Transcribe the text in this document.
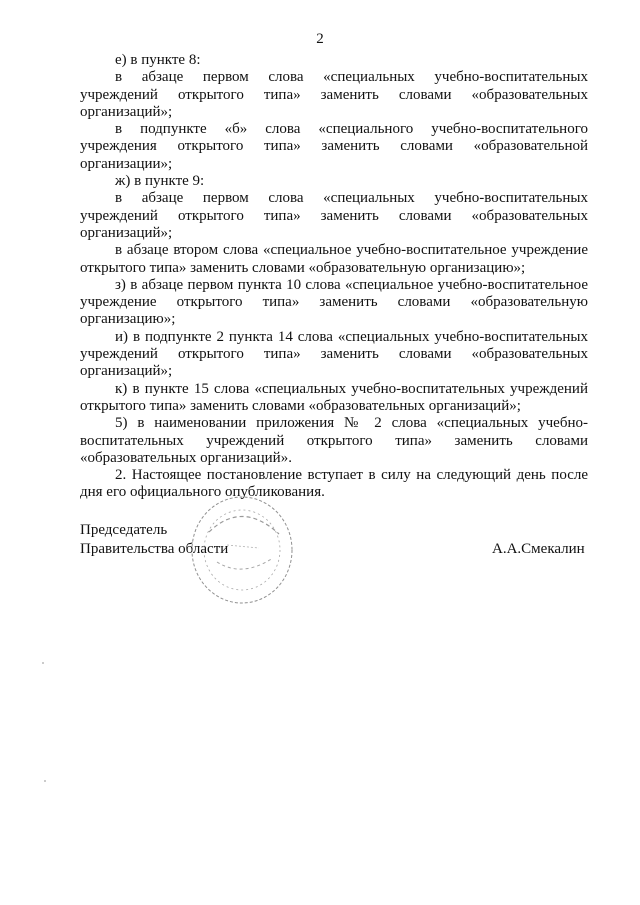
2

е) в пункте 8:

в абзаце первом слова «специальных учебно-воспитательных учреждений открытого типа» заменить словами «образовательных организаций»;

в подпункте «б» слова «специального учебно-воспитательного учреждения открытого типа» заменить словами «образовательной организации»;

ж) в пункте 9:

в абзаце первом слова «специальных учебно-воспитательных учреждений открытого типа» заменить словами «образовательных организаций»;

в абзаце втором слова «специальное учебно-воспитательное учреждение открытого типа» заменить словами «образовательную организацию»;

з) в абзаце первом пункта 10 слова «специальное учебно-воспитательное учреждение открытого типа» заменить словами «образовательную организацию»;

и) в подпункте 2 пункта 14 слова «специальных учебно-воспитательных учреждений открытого типа» заменить словами «образовательных организаций»;

к) в пункте 15 слова «специальных учебно-воспитательных учреждений открытого типа» заменить словами «образовательных организаций»;

5) в наименовании приложения № 2 слова «специальных учебно-воспитательных учреждений открытого типа» заменить словами «образовательных организаций».

2. Настоящее постановление вступает в силу на следующий день после дня его официального опубликования.

Председатель
Правительства области	А.А.Смекалин
